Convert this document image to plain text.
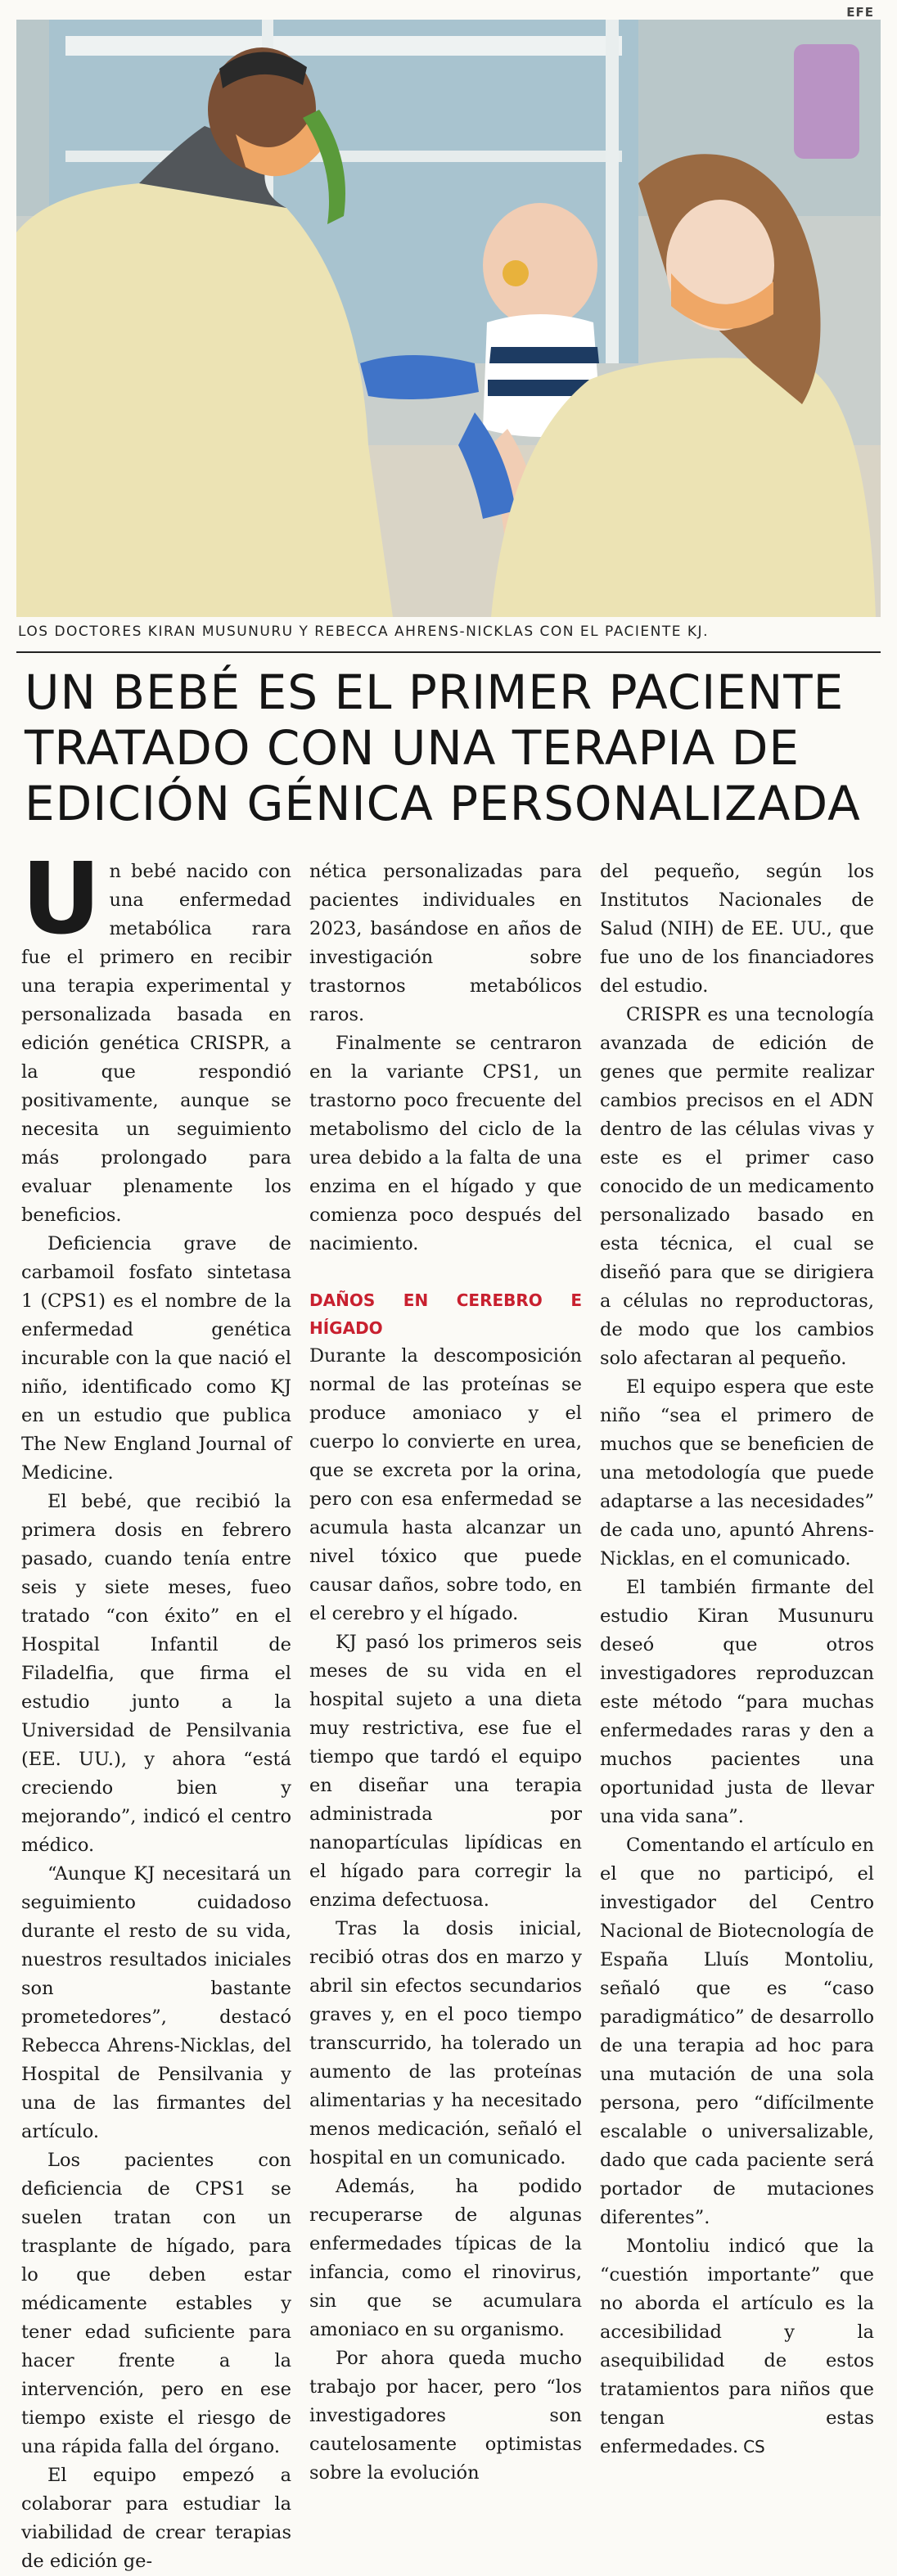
EFE
LOS DOCTORES KIRAN MUSUNURU Y REBECCA AHRENS-NICKLAS CON EL PACIENTE KJ.
UN BEBÉ ES EL PRIMER PACIENTE TRATADO CON UNA TERAPIA DE EDICIÓN GÉNICA PERSONALIZADA

Un bebé nacido con una enfermedad metabólica rara fue el primero en recibir una terapia experimental y personalizada basada en edición genética CRISPR, a la que respondió positivamente, aunque se necesita un seguimiento más prolongado para evaluar plenamente los beneficios.

Deficiencia grave de carbamoil fosfato sintetasa 1 (CPS1) es el nombre de la enfermedad genética incurable con la que nació el niño, identificado como KJ en un estudio que publica The New England Journal of Medicine.

El bebé, que recibió la primera dosis en febrero pasado, cuando tenía entre seis y siete meses, fueo tratado “con éxito” en el Hospital Infantil de Filadelfia, que firma el estudio junto a la Universidad de Pensilvania (EE. UU.), y ahora “está creciendo bien y mejorando”, indicó el centro médico.

“Aunque KJ necesitará un seguimiento cuidadoso durante el resto de su vida, nuestros resultados iniciales son bastante prometedores”, destacó Rebecca Ahrens-Nicklas, del Hospital de Pensilvania y una de las firmantes del artículo.

Los pacientes con deficiencia de CPS1 se suelen tratan con un trasplante de hígado, para lo que deben estar médicamente estables y tener edad suficiente para hacer frente a la intervención, pero en ese tiempo existe el riesgo de una rápida falla del órgano.

El equipo empezó a colaborar para estudiar la viabilidad de crear terapias de edición ge-

nética personalizadas para pacientes individuales en 2023, basándose en años de investigación sobre trastornos metabólicos raros.

Finalmente se centraron en la variante CPS1, un trastorno poco frecuente del metabolismo del ciclo de la urea debido a la falta de una enzima en el hígado y que comienza poco después del nacimiento.

DAÑOS EN CEREBRO E HÍGADO

Durante la descomposición normal de las proteínas se produce amoniaco y el cuerpo lo convierte en urea, que se excreta por la orina, pero con esa enfermedad se acumula hasta alcanzar un nivel tóxico que puede causar daños, sobre todo, en el cerebro y el hígado.

KJ pasó los primeros seis meses de su vida en el hospital sujeto a una dieta muy restrictiva, ese fue el tiempo que tardó el equipo en diseñar una terapia administrada por nanopartículas lipídicas en el hígado para corregir la enzima defectuosa.

Tras la dosis inicial, recibió otras dos en marzo y abril sin efectos secundarios graves y, en el poco tiempo transcurrido, ha tolerado un aumento de las proteínas alimentarias y ha necesitado menos medicación, señaló el hospital en un comunicado.

Además, ha podido recuperarse de algunas enfermedades típicas de la infancia, como el rinovirus, sin que se acumulara amoniaco en su organismo.

Por ahora queda mucho trabajo por hacer, pero “los investigadores son cautelosamente optimistas sobre la evolución

del pequeño, según los Institutos Nacionales de Salud (NIH) de EE. UU., que fue uno de los financiadores del estudio.

CRISPR es una tecnología avanzada de edición de genes que permite realizar cambios precisos en el ADN dentro de las células vivas y este es el primer caso conocido de un medicamento personalizado basado en esta técnica, el cual se diseñó para que se dirigiera a células no reproductoras, de modo que los cambios solo afectaran al pequeño.

El equipo espera que este niño “sea el primero de muchos que se beneficien de una metodología que puede adaptarse a las necesidades” de cada uno, apuntó Ahrens-Nicklas, en el comunicado.

El también firmante del estudio Kiran Musunuru deseó que otros investigadores reproduzcan este método “para muchas enfermedades raras y den a muchos pacientes una oportunidad justa de llevar una vida sana”.

Comentando el artículo en el que no participó, el investigador del Centro Nacional de Biotecnología de España Lluís Montoliu, señaló que es “caso paradigmático” de desarrollo de una terapia ad hoc para una mutación de una sola persona, pero “difícilmente escalable o universalizable, dado que cada paciente será portador de mutaciones diferentes”.

Montoliu indicó que la “cuestión importante” que no aborda el artículo es la accesibilidad y la asequibilidad de estos tratamientos para niños que tengan estas enfermedades. CS
